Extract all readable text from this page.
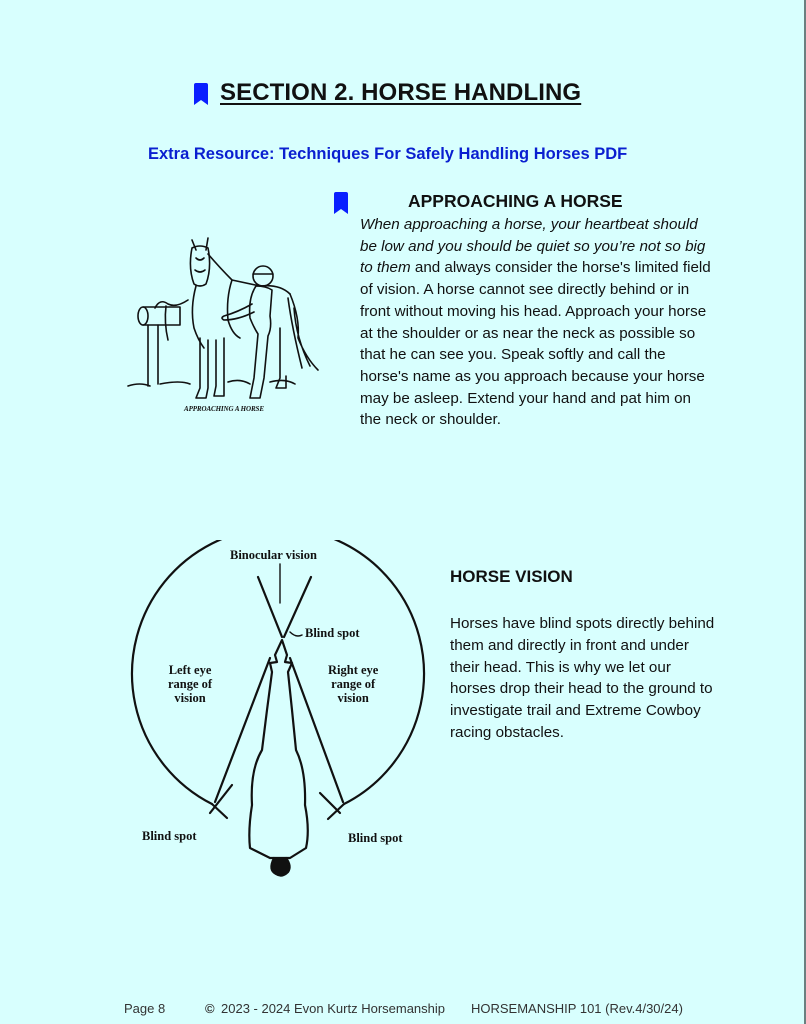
SECTION 2. HORSE HANDLING
Extra Resource: Techniques For Safely Handling Horses PDF
APPROACHING A HORSE
When approaching a horse, your heartbeat should be low and you should be quiet so you’re not so big to them and always consider the horse's limited field of vision. A horse cannot see directly behind or in front without moving his head. Approach your horse at the shoulder or as near the neck as possible so that he can see you. Speak softly and call the horse's name as you approach because your horse may be asleep. Extend your hand and pat him on the neck or shoulder.
APPROACHING A HORSE
Binocular vision
Blind spot
Left eye
range of
vision
Right eye
range of
vision
Blind spot	Blind spot
HORSE VISION
Horses have blind spots directly behind them and directly in front and under their head. This is why we let our horses drop their head to the ground to investigate trail and Extreme Cowboy racing obstacles.
Page 8	© 2023 - 2024 Evon Kurtz Horsemanship HORSEMANSHIP 101 (Rev.4/30/24)
